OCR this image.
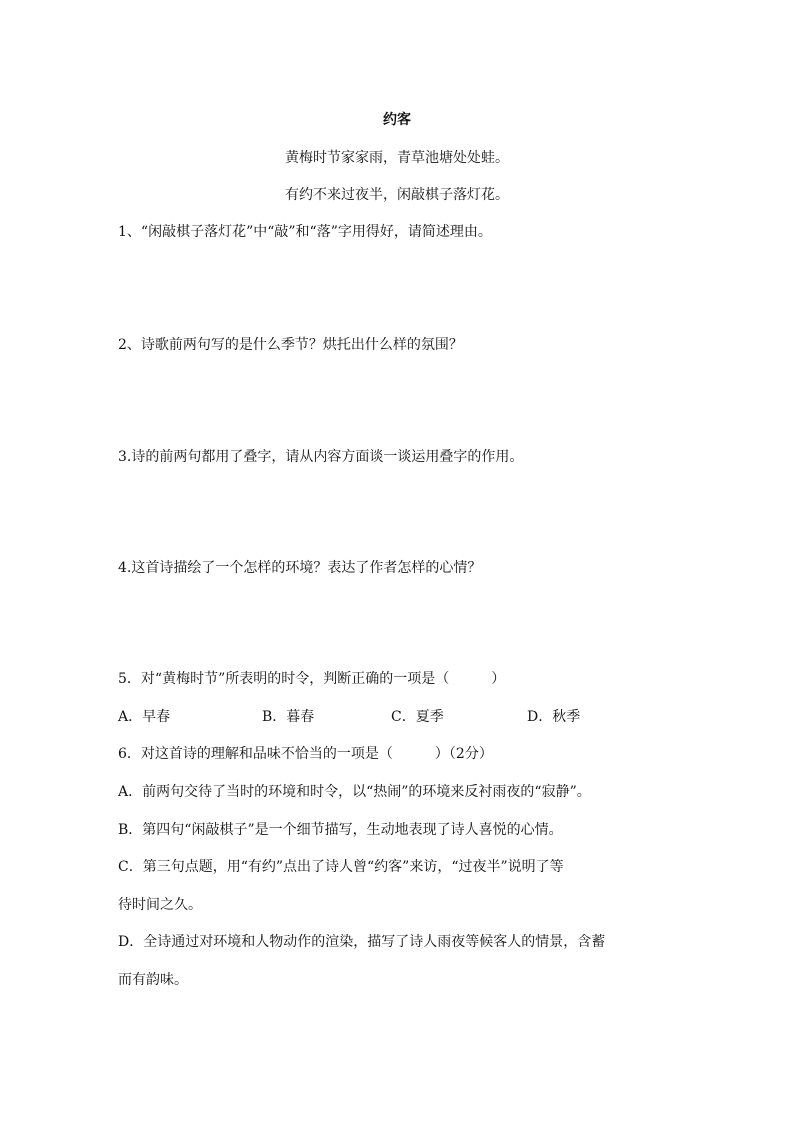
约客
黄梅时节家家雨，青草池塘处处蛙。
有约不来过夜半，闲敲棋子落灯花。
1、“闲敲棋子落灯花”中“敲”和“落”字用得好，请简述理由。
2、诗歌前两句写的是什么季节？烘托出什么样的氛围？
3.诗的前两句都用了叠字，请从内容方面谈一谈运用叠字的作用。
4.这首诗描绘了一个怎样的环境？表达了作者怎样的心情？
5．对“黄梅时节”所表明的时令，判断正确的一项是（　　　）
A．早春	B．暮春	C．夏季	D．秋季
6．对这首诗的理解和品味不恰当的一项是（　　　）（2分）
A．前两句交待了当时的环境和时令，以“热闹”的环境来反衬雨夜的“寂静”。
B．第四句“闲敲棋子”是一个细节描写，生动地表现了诗人喜悦的心情。
C．第三句点题，用“有约”点出了诗人曾“约客”来访，“过夜半”说明了等
待时间之久。
D．全诗通过对环境和人物动作的渲染，描写了诗人雨夜等候客人的情景，含蓄
而有韵味。
